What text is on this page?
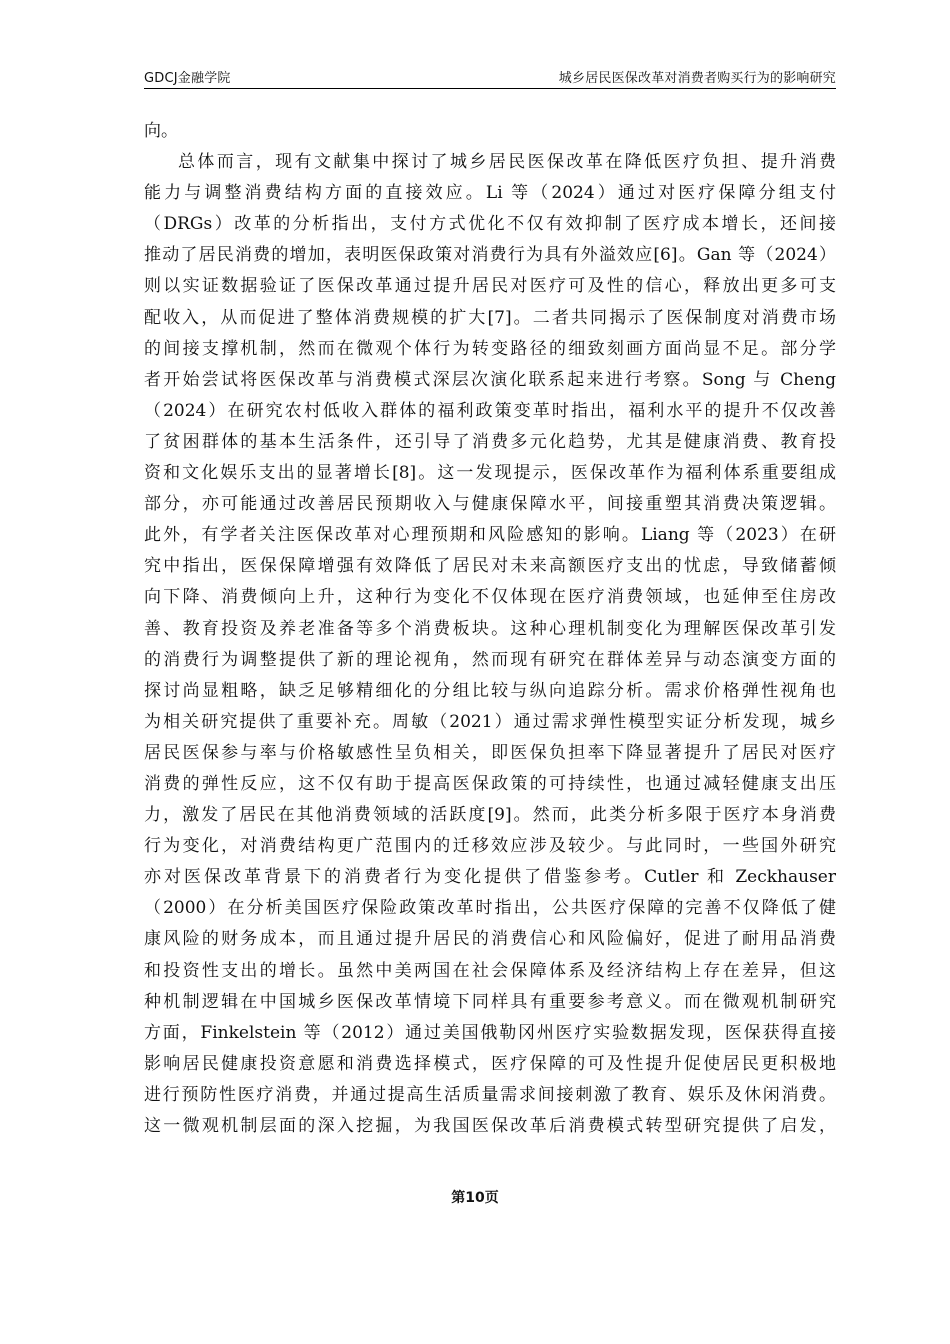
GDCJ金融学院	城乡居民医保改革对消费者购买行为的影响研究
向。
总体而言，现有文献集中探讨了城乡居民医保改革在降低医疗负担、提升消费
能力与调整消费结构方面的直接效应。Li 等（2024）通过对医疗保障分组支付
（DRGs）改革的分析指出，支付方式优化不仅有效抑制了医疗成本增长，还间接
推动了居民消费的增加，表明医保政策对消费行为具有外溢效应[6]。Gan 等（2024）
则以实证数据验证了医保改革通过提升居民对医疗可及性的信心，释放出更多可支
配收入，从而促进了整体消费规模的扩大[7]。二者共同揭示了医保制度对消费市场
的间接支撑机制，然而在微观个体行为转变路径的细致刻画方面尚显不足。部分学
者开始尝试将医保改革与消费模式深层次演化联系起来进行考察。Song 与 Cheng
（2024）在研究农村低收入群体的福利政策变革时指出，福利水平的提升不仅改善
了贫困群体的基本生活条件，还引导了消费多元化趋势，尤其是健康消费、教育投
资和文化娱乐支出的显著增长[8]。这一发现提示，医保改革作为福利体系重要组成
部分，亦可能通过改善居民预期收入与健康保障水平，间接重塑其消费决策逻辑。
此外，有学者关注医保改革对心理预期和风险感知的影响。Liang 等（2023）在研
究中指出，医保保障增强有效降低了居民对未来高额医疗支出的忧虑，导致储蓄倾
向下降、消费倾向上升，这种行为变化不仅体现在医疗消费领域，也延伸至住房改
善、教育投资及养老准备等多个消费板块。这种心理机制变化为理解医保改革引发
的消费行为调整提供了新的理论视角，然而现有研究在群体差异与动态演变方面的
探讨尚显粗略，缺乏足够精细化的分组比较与纵向追踪分析。需求价格弹性视角也
为相关研究提供了重要补充。周敏（2021）通过需求弹性模型实证分析发现，城乡
居民医保参与率与价格敏感性呈负相关，即医保负担率下降显著提升了居民对医疗
消费的弹性反应，这不仅有助于提高医保政策的可持续性，也通过减轻健康支出压
力，激发了居民在其他消费领域的活跃度[9]。然而，此类分析多限于医疗本身消费
行为变化，对消费结构更广范围内的迁移效应涉及较少。与此同时，一些国外研究
亦对医保改革背景下的消费者行为变化提供了借鉴参考。Cutler 和 Zeckhauser
（2000）在分析美国医疗保险政策改革时指出，公共医疗保障的完善不仅降低了健
康风险的财务成本，而且通过提升居民的消费信心和风险偏好，促进了耐用品消费
和投资性支出的增长。虽然中美两国在社会保障体系及经济结构上存在差异，但这
种机制逻辑在中国城乡医保改革情境下同样具有重要参考意义。而在微观机制研究
方面，Finkelstein 等（2012）通过美国俄勒冈州医疗实验数据发现，医保获得直接
影响居民健康投资意愿和消费选择模式，医疗保障的可及性提升促使居民更积极地
进行预防性医疗消费，并通过提高生活质量需求间接刺激了教育、娱乐及休闲消费。
这一微观机制层面的深入挖掘，为我国医保改革后消费模式转型研究提供了启发，
第10页
